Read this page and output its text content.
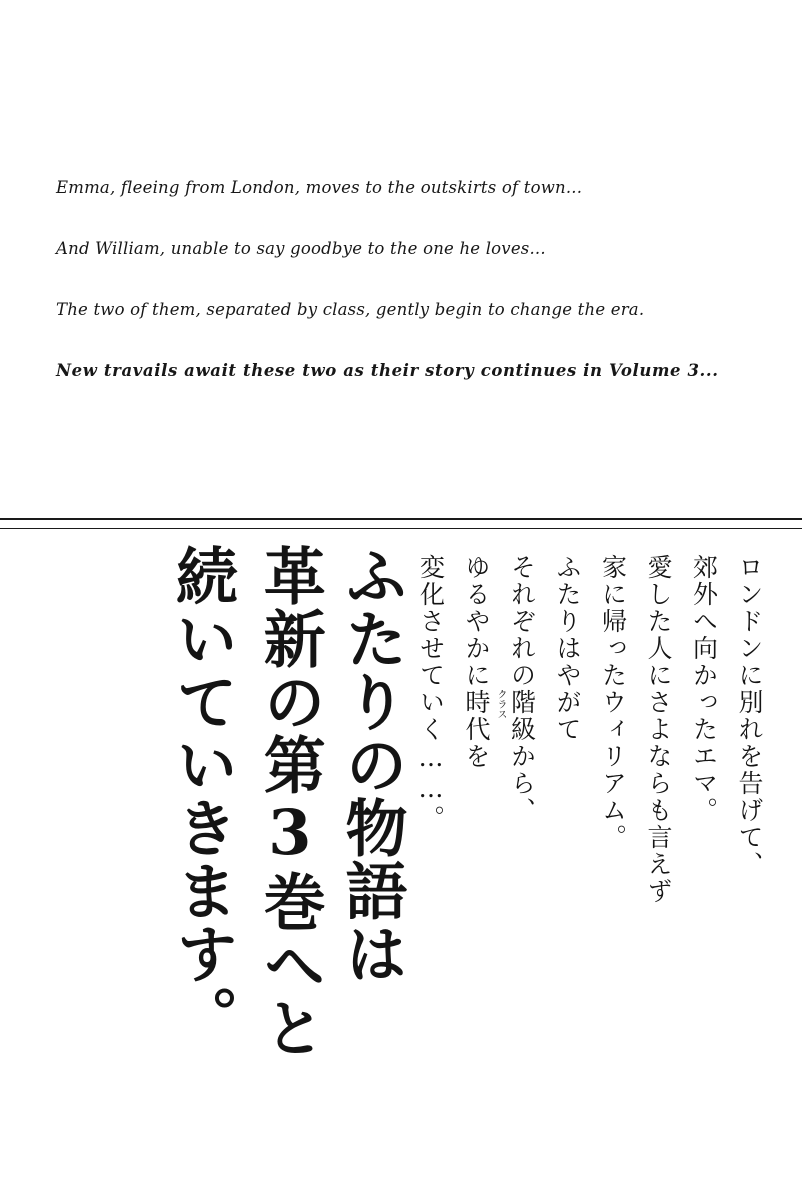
Emma, fleeing from London, moves to the outskirts of town...

And William, unable to say goodbye to the one he loves...

The two of them, separated by class, gently begin to change the era.

New travails await these two as their story continues in Volume 3...

ロンドンに別れを告げて、
郊外へ向かったエマ。
愛した人にさよならも言えず
家に帰ったウィリアム。
ふたりはやがて
それぞれの階級
クラス
から、
ゆるやかに時代を
変化させていく……。
ふたりの物語は
革新の第3巻へと
続いていきます。
